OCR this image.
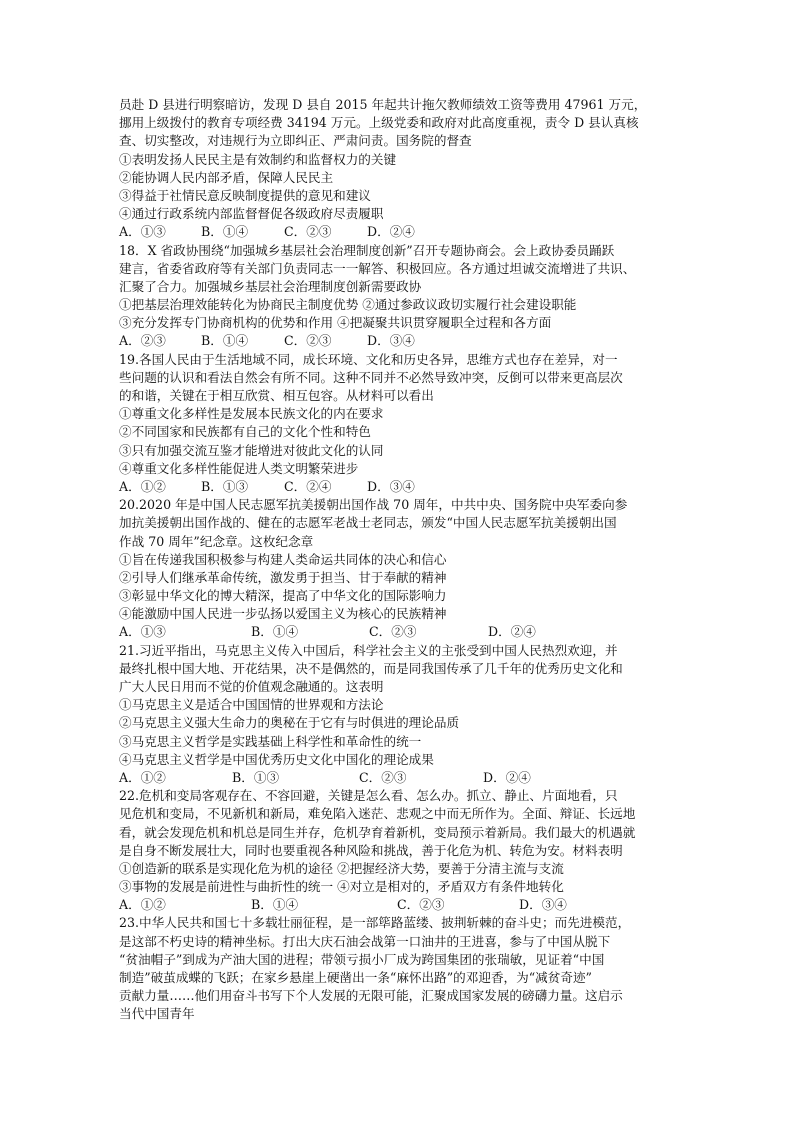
员赴 D 县进行明察暗访，发现 D 县自 2015 年起共计拖欠教师绩效工资等费用 47961 万元，
挪用上级拨付的教育专项经费 34194 万元。上级党委和政府对此高度重视，责令 D 县认真核
查、切实整改，对违规行为立即纠正、严肃问责。国务院的督查
①表明发扬人民民主是有效制约和监督权力的关键
②能协调人民内部矛盾，保障人民民主
③得益于社情民意反映制度提供的意见和建议
④通过行政系统内部监督督促各级政府尽责履职
A．①③	B．①④	C．②③	D．②④
18．X 省政协围绕“加强城乡基层社会治理制度创新”召开专题协商会。会上政协委员踊跃
建言，省委省政府等有关部门负责同志一一解答、积极回应。各方通过坦诚交流增进了共识、
汇聚了合力。加强城乡基层社会治理制度创新需要政协
①把基层治理效能转化为协商民主制度优势 ②通过参政议政切实履行社会建设职能
③充分发挥专门协商机构的优势和作用 ④把凝聚共识贯穿履职全过程和各方面
A．②③	B．①④	C．②③	D．③④
19.各国人民由于生活地域不同，成长环境、文化和历史各异，思维方式也存在差异，对一
些问题的认识和看法自然会有所不同。这种不同并不必然导致冲突，反倒可以带来更高层次
的和谐，关键在于相互欣赏、相互包容。从材料可以看出
①尊重文化多样性是发展本民族文化的内在要求
②不同国家和民族都有自己的文化个性和特色
③只有加强交流互鉴才能增进对彼此文化的认同
④尊重文化多样性能促进人类文明繁荣进步
A．①②	B．①③	C．②④	D．③④
20.2020 年是中国人民志愿军抗美援朝出国作战 70 周年，中共中央、国务院中央军委向参
加抗美援朝出国作战的、健在的志愿军老战士老同志，颁发“中国人民志愿军抗美援朝出国
作战 70 周年”纪念章。这枚纪念章
①旨在传递我国积极参与构建人类命运共同体的决心和信心
②引导人们继承革命传统，激发勇于担当、甘于奉献的精神
③彰显中华文化的博大精深，提高了中华文化的国际影响力
④能激励中国人民进一步弘扬以爱国主义为核心的民族精神
A．①③	B．①④	C．②③	D．②④
21.习近平指出，马克思主义传入中国后，科学社会主义的主张受到中国人民热烈欢迎，并
最终扎根中国大地、开花结果，决不是偶然的，而是同我国传承了几千年的优秀历史文化和
广大人民日用而不觉的价值观念融通的。这表明
①马克思主义是适合中国国情的世界观和方法论
②马克思主义强大生命力的奥秘在于它有与时俱进的理论品质
③马克思主义哲学是实践基础上科学性和革命性的统一
④马克思主义哲学是中国优秀历史文化中国化的理论成果
A．①②	B．①③	C．②③	D．②④
22.危机和变局客观存在、不容回避，关键是怎么看、怎么办。抓立、静止、片面地看，只
见危机和变局，不见新机和新局，难免陷入迷茫、悲观之中而无所作为。全面、辩证、长远地
看，就会发现危机和机总是同生并存，危机孕育着新机，变局预示着新局。我们最大的机遇就
是自身不断发展壮大，同时也要重视各种风险和挑战，善于化危为机、转危为安。材料表明
①创造新的联系是实现化危为机的途径 ②把握经济大势，要善于分清主流与支流
③事物的发展是前进性与曲折性的统一 ④对立是相对的，矛盾双方有条件地转化
A．①②	B．①④	C．②③	D．③④
23.中华人民共和国七十多载壮丽征程，是一部筚路蓝缕、披荆斩棘的奋斗史；而先进模范，
是这部不朽史诗的精神坐标。打出大庆石油会战第一口油井的王进喜，参与了中国从脱下
“贫油帽子”到成为产油大国的进程；带领亏损小厂成为跨国集团的张瑞敏，见证着“中国
制造”破茧成蝶的飞跃；在家乡悬崖上硬凿出一条“麻怀出路”的邓迎香，为“减贫奇迹”
贡献力量……他们用奋斗书写下个人发展的无限可能，汇聚成国家发展的磅礴力量。这启示
当代中国青年
